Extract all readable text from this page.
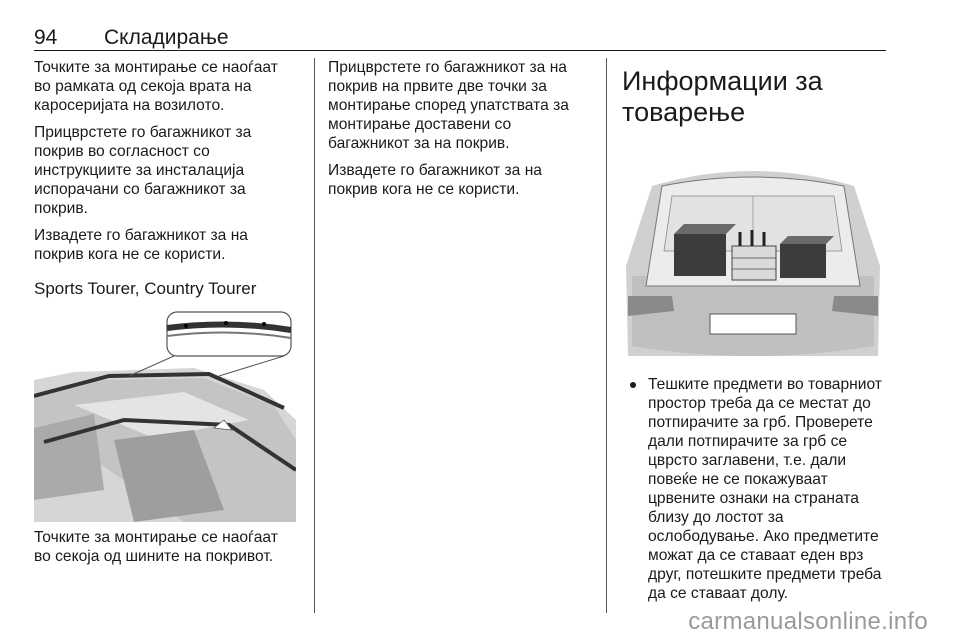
94 Складирање

Точките за монтирање се наоѓаат во рамката од секоја врата на каросеријата на возилото.

Прицврстете го багажникот за покрив во согласност со инструкциите за инсталација испорачани со багажникот за покрив.

Извадете го багажникот за на покрив кога не се користи.

Sports Tourer, Country Tourer

Точките за монтирање се наоѓаат во секоја од шините на покривот.

Прицврстете го багажникот за на покрив на првите две точки за монтирање според упатствата за монтирање доставени со багажникот за на покрив.

Извадете го багажникот за на покрив кога не се користи.

Информации за товарење
Тешките предмети во товарниот простор треба да се местат до потпирачите за грб. Проверете дали потпирачите за грб се цврсто заглавени, т.е. дали повеќе не се покажуваат црвените ознаки на страната близу до лостот за ослободување. Ако предметите можат да се ставаат еден врз друг, потешките предмети треба да се ставаат долу.
carmanualsonline.info
